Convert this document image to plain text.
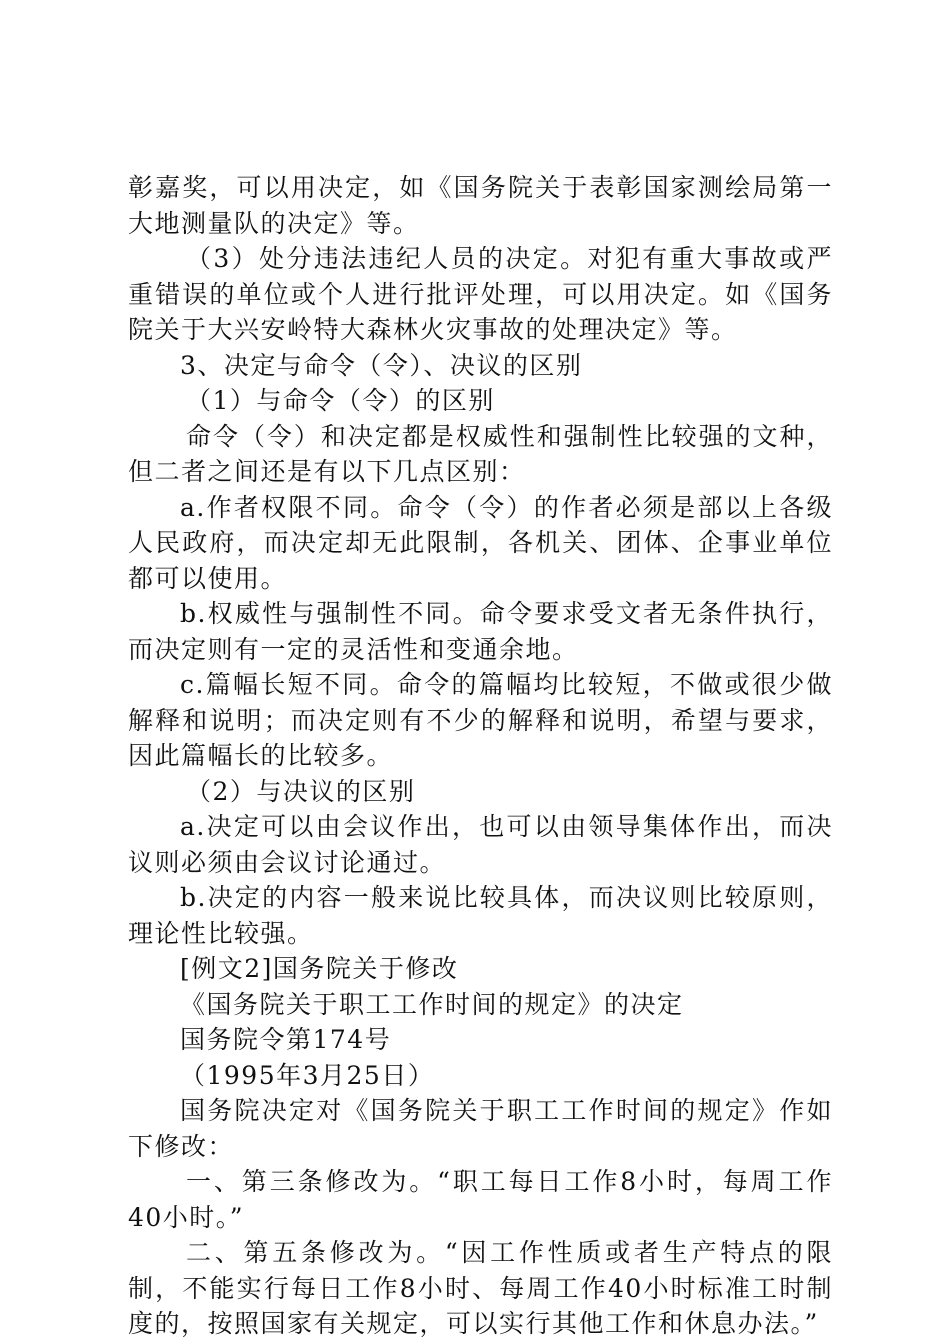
彰嘉奖，可以用决定，如《国务院关于表彰国家测绘局第一大地测量队的决定》等。

（3）处分违法违纪人员的决定。对犯有重大事故或严重错误的单位或个人进行批评处理，可以用决定。如《国务院关于大兴安岭特大森林火灾事故的处理决定》等。

3、决定与命令（令）、决议的区别

（1）与命令（令）的区别

命令（令）和决定都是权威性和强制性比较强的文种，但二者之间还是有以下几点区别：

a.作者权限不同。命令（令）的作者必须是部以上各级人民政府，而决定却无此限制，各机关、团体、企事业单位都可以使用。

b.权威性与强制性不同。命令要求受文者无条件执行，而决定则有一定的灵活性和变通余地。

c.篇幅长短不同。命令的篇幅均比较短，不做或很少做解释和说明；而决定则有不少的解释和说明，希望与要求，因此篇幅长的比较多。

（2）与决议的区别

a.决定可以由会议作出，也可以由领导集体作出，而决议则必须由会议讨论通过。

b.决定的内容一般来说比较具体，而决议则比较原则，理论性比较强。

[例文2]国务院关于修改

《国务院关于职工工作时间的规定》的决定

国务院令第174号

（1995年3月25日）

国务院决定对《国务院关于职工工作时间的规定》作如下修改：

一、第三条修改为。“职工每日工作8小时，每周工作40小时。”

二、第五条修改为。“因工作性质或者生产特点的限制，不能实行每日工作8小时、每周工作40小时标准工时制度的，按照国家有关规定，可以实行其他工作和休息办法。”
